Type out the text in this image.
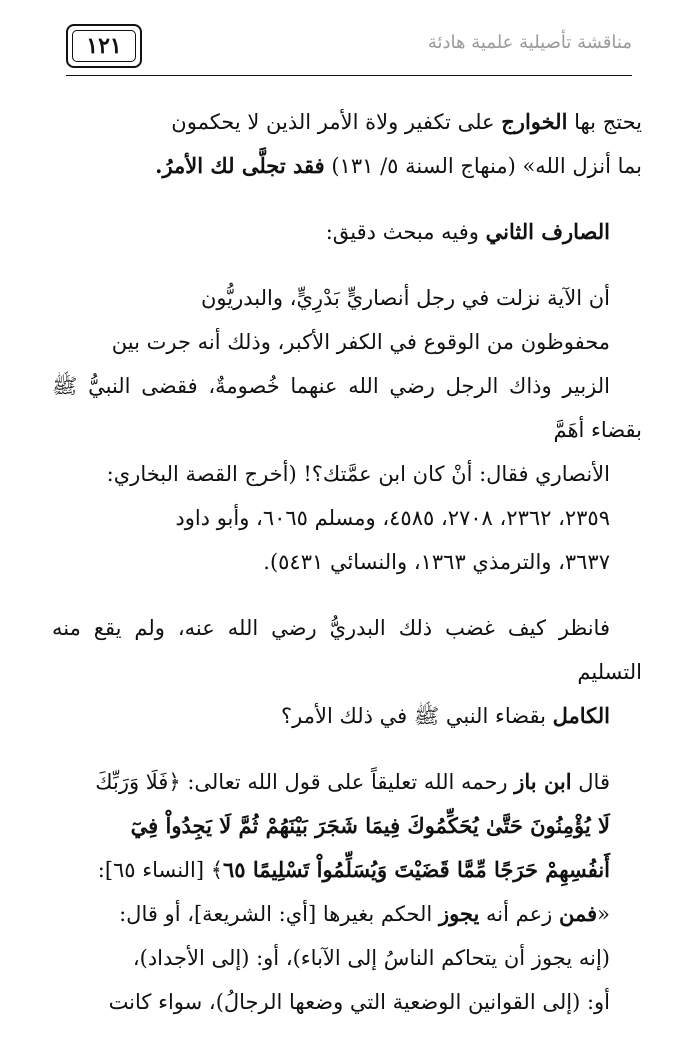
١٢١	مناقشة تأصيلية علمية هادئة
يحتج بها الخوارج على تكفير ولاة الأمر الذين لا يحكمون
بما أنزل الله» (منهاج السنة ٥/ ١٣١) فقد تجلَّى لك الأمرُ.
الصارف الثاني وفيه مبحث دقيق:
أن الآية نزلت في رجل أنصاريٍّ بَدْرِيٍّ، والبدريُّون
محفوظون من الوقوع في الكفر الأكبر، وذلك أنه جرت بين
الزبير وذاك الرجل رضي الله عنهما خُصومةٌ، فقضى النبيُّ ﷺ بقضاء أهَمَّ
الأنصاري فقال: أنْ كان ابن عمَّتك؟! (أخرج القصة البخاري:
٢٣٥٩، ٢٣٦٢، ٢٧٠٨، ٤٥٨٥، ومسلم ٦٠٦٥، وأبو داود
٣٦٣٧، والترمذي ١٣٦٣، والنسائي ٥٤٣١).
فانظر كيف غضب ذلك البدريُّ رضي الله عنه، ولم يقع منه التسليم
الكامل بقضاء النبي ﷺ في ذلك الأمر؟
قال ابن باز رحمه الله تعليقاً على قول الله تعالى: ﴿فَلَا وَرَبِّكَ
لَا يُؤْمِنُونَ حَتَّىٰ يُحَكِّمُوكَ فِيمَا شَجَرَ بَيْنَهُمْ ثُمَّ لَا يَجِدُواْ فِيٓ
أَنفُسِهِمْ حَرَجًا مِّمَّا قَضَيْتَ وَيُسَلِّمُواْ تَسْلِيمًا ٦٥﴾ [النساء ٦٥]:
«فمن زعم أنه يجوز الحكم بغيرها [أي: الشريعة]، أو قال:
(إنه يجوز أن يتحاكم الناسُ إلى الآباء)، أو: (إلى الأجداد)،
أو: (إلى القوانين الوضعية التي وضعها الرجالُ)، سواء كانت
